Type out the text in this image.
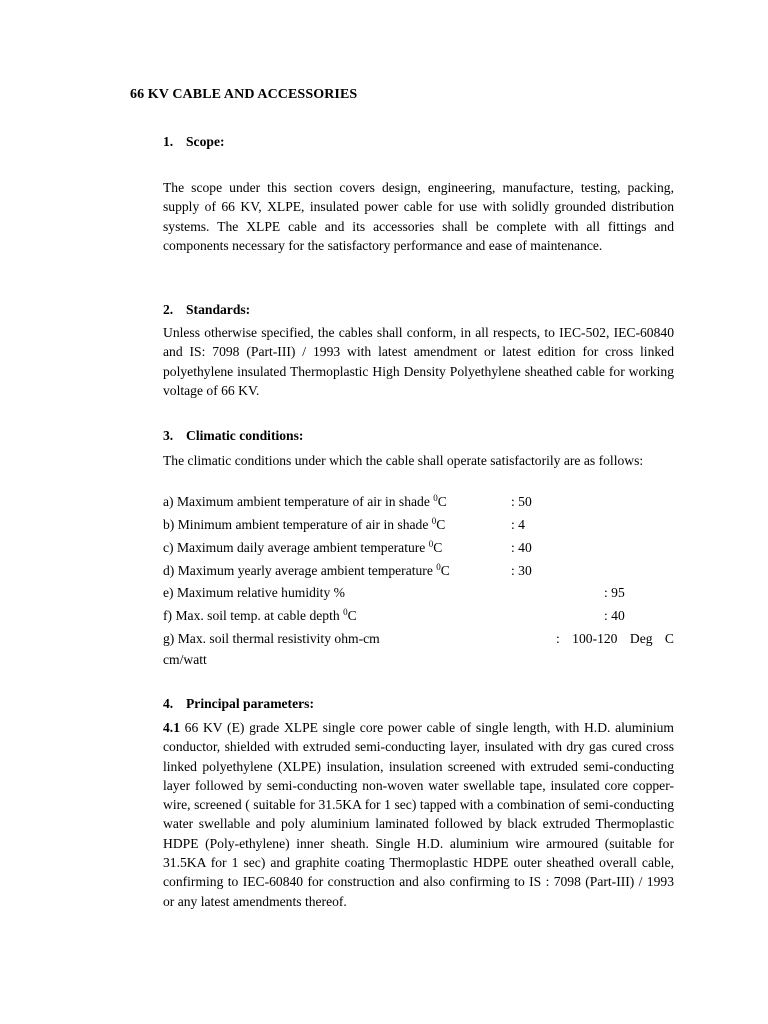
66 KV CABLE AND ACCESSORIES
1. Scope:

The scope under this section covers design, engineering, manufacture, testing, packing, supply of 66 KV, XLPE, insulated power cable for use with solidly grounded distribution systems. The XLPE cable and its accessories shall be complete with all fittings and components necessary for the satisfactory performance and ease of maintenance.

2. Standards:

Unless otherwise specified, the cables shall conform, in all respects, to IEC-502, IEC-60840 and IS: 7098 (Part-III) / 1993 with latest amendment or latest edition for cross linked polyethylene insulated Thermoplastic High Density Polyethylene sheathed cable for working voltage of 66 KV.

3. Climatic conditions:

The climatic conditions under which the cable shall operate satisfactorily are as follows:

a) Maximum ambient temperature of air in shade $^0$C	: 50
b) Minimum ambient temperature of air in shade $^0$C	: 4
c) Maximum daily average ambient temperature $^0$C	: 40
d) Maximum yearly average ambient temperature $^0$C	: 30
e) Maximum relative humidity %	: 95
f) Max. soil temp. at cable depth $^0$C	: 40
g) Max. soil thermal resistivity ohm-cm	: 100-120 Deg C
cm/watt
4. Principal parameters:

4.1 66 KV (E) grade XLPE single core power cable of single length, with H.D. aluminium conductor, shielded with extruded semi-conducting layer, insulated with dry gas cured cross linked polyethylene (XLPE) insulation, insulation screened with extruded semi-conducting layer followed by semi-conducting non-woven water swellable tape, insulated core copper-wire, screened ( suitable for 31.5KA for 1 sec) tapped with a combination of semi-conducting water swellable and poly aluminium laminated followed by black extruded Thermoplastic HDPE (Poly-ethylene) inner sheath. Single H.D. aluminium wire armoured (suitable for 31.5KA for 1 sec) and graphite coating Thermoplastic HDPE outer sheathed overall cable, confirming to IEC-60840 for construction and also confirming to IS : 7098 (Part-III) / 1993 or any latest amendments thereof.
